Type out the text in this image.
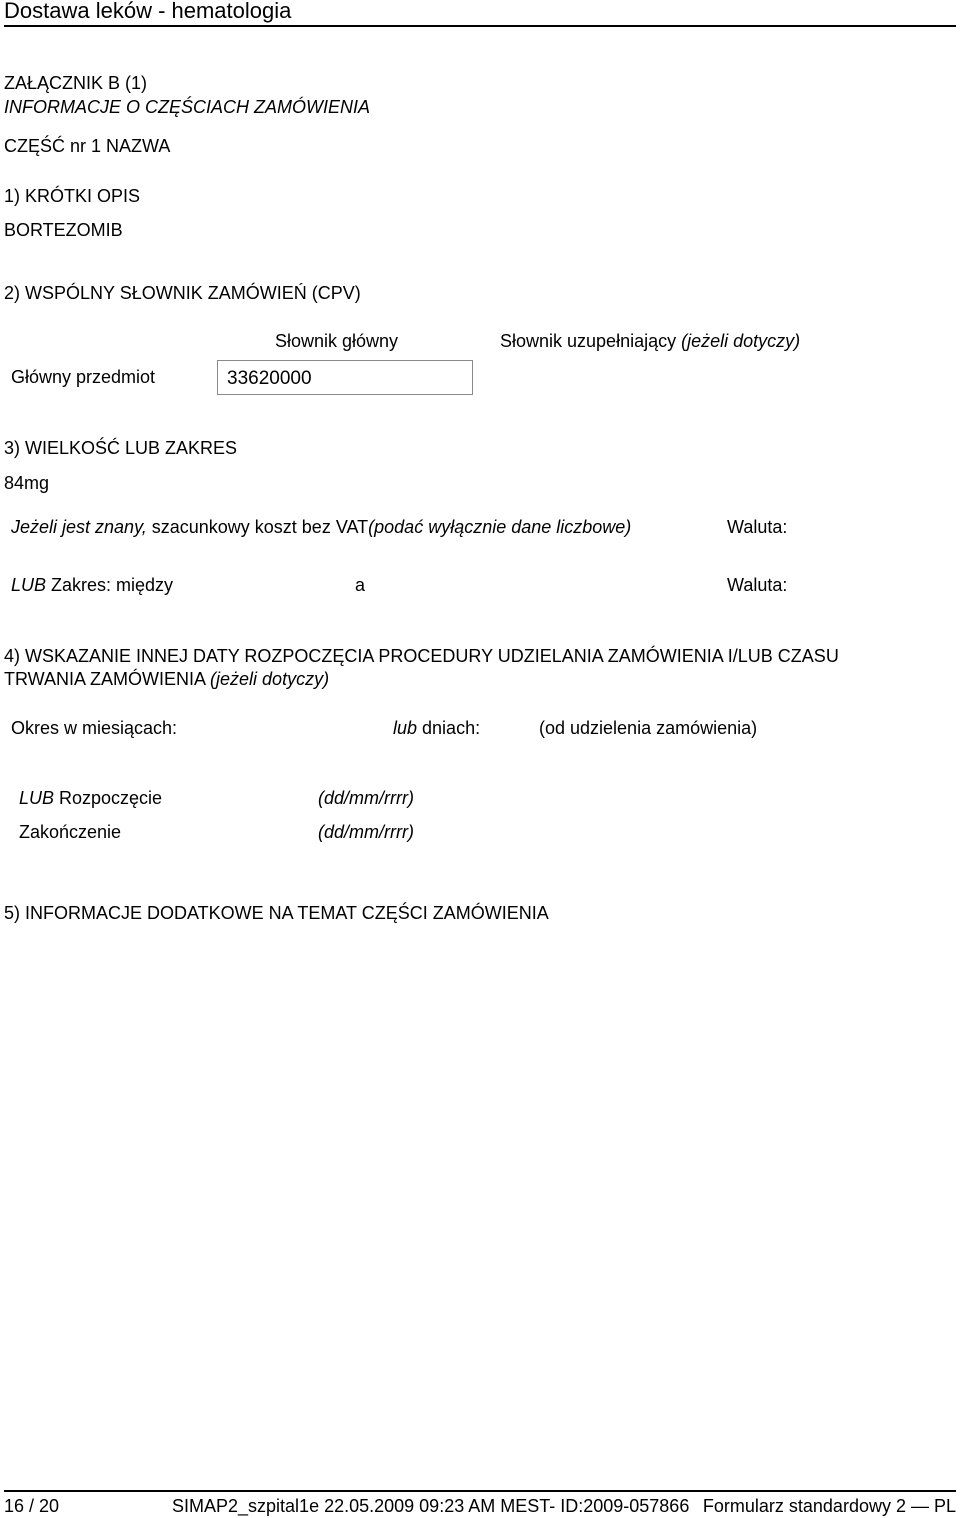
Dostawa leków - hematologia
ZAŁĄCZNIK B (1)
INFORMACJE O CZĘŚCIACH ZAMÓWIENIA
CZĘŚĆ nr 1 NAZWA
1) KRÓTKI OPIS
BORTEZOMIB
2) WSPÓLNY SŁOWNIK ZAMÓWIEŃ (CPV)
Słownik główny	Słownik uzupełniający (jeżeli dotyczy)
Główny przedmiot	33620000
3) WIELKOŚĆ LUB ZAKRES
84mg
Jeżeli jest znany, szacunkowy koszt bez VAT(podać wyłącznie dane liczbowe)	Waluta:
LUB Zakres: między	a	Waluta:
4) WSKAZANIE INNEJ DATY ROZPOCZĘCIA PROCEDURY UDZIELANIA ZAMÓWIENIA I/LUB CZASU
TRWANIA ZAMÓWIENIA (jeżeli dotyczy)
Okres w miesiącach:	lub dniach:	(od udzielenia zamówienia)
LUB Rozpoczęcie	(dd/mm/rrrr)
Zakończenie	(dd/mm/rrrr)
5) INFORMACJE DODATKOWE NA TEMAT CZĘŚCI ZAMÓWIENIA
16 / 20	SIMAP2_szpital1e 22.05.2009 09:23 AM MEST- ID:2009-057866 Formularz standardowy 2 — PL
